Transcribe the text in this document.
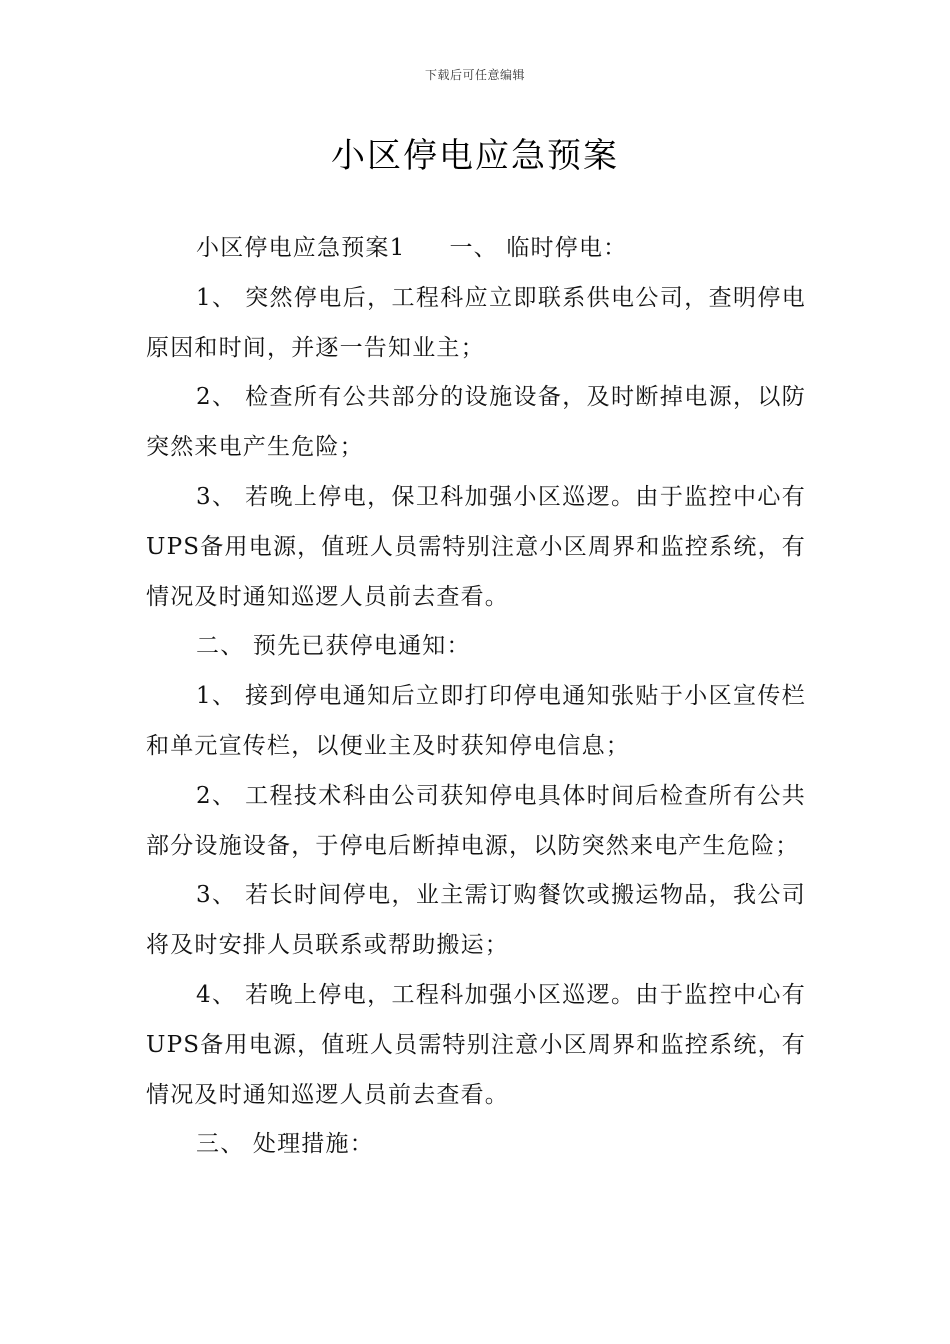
下载后可任意编辑
小区停电应急预案

小区停电应急预案1 一、 临时停电：

1、 突然停电后，工程科应立即联系供电公司，查明停电原因和时间，并逐一告知业主；

2、 检查所有公共部分的设施设备，及时断掉电源，以防突然来电产生危险；

3、 若晚上停电，保卫科加强小区巡逻。由于监控中心有UPS备用电源，值班人员需特别注意小区周界和监控系统，有情况及时通知巡逻人员前去查看。

二、 预先已获停电通知：

1、 接到停电通知后立即打印停电通知张贴于小区宣传栏和单元宣传栏，以便业主及时获知停电信息；

2、 工程技术科由公司获知停电具体时间后检查所有公共部分设施设备，于停电后断掉电源，以防突然来电产生危险；

3、 若长时间停电，业主需订购餐饮或搬运物品，我公司将及时安排人员联系或帮助搬运；

4、 若晚上停电，工程科加强小区巡逻。由于监控中心有UPS备用电源，值班人员需特别注意小区周界和监控系统，有情况及时通知巡逻人员前去查看。

三、 处理措施：
